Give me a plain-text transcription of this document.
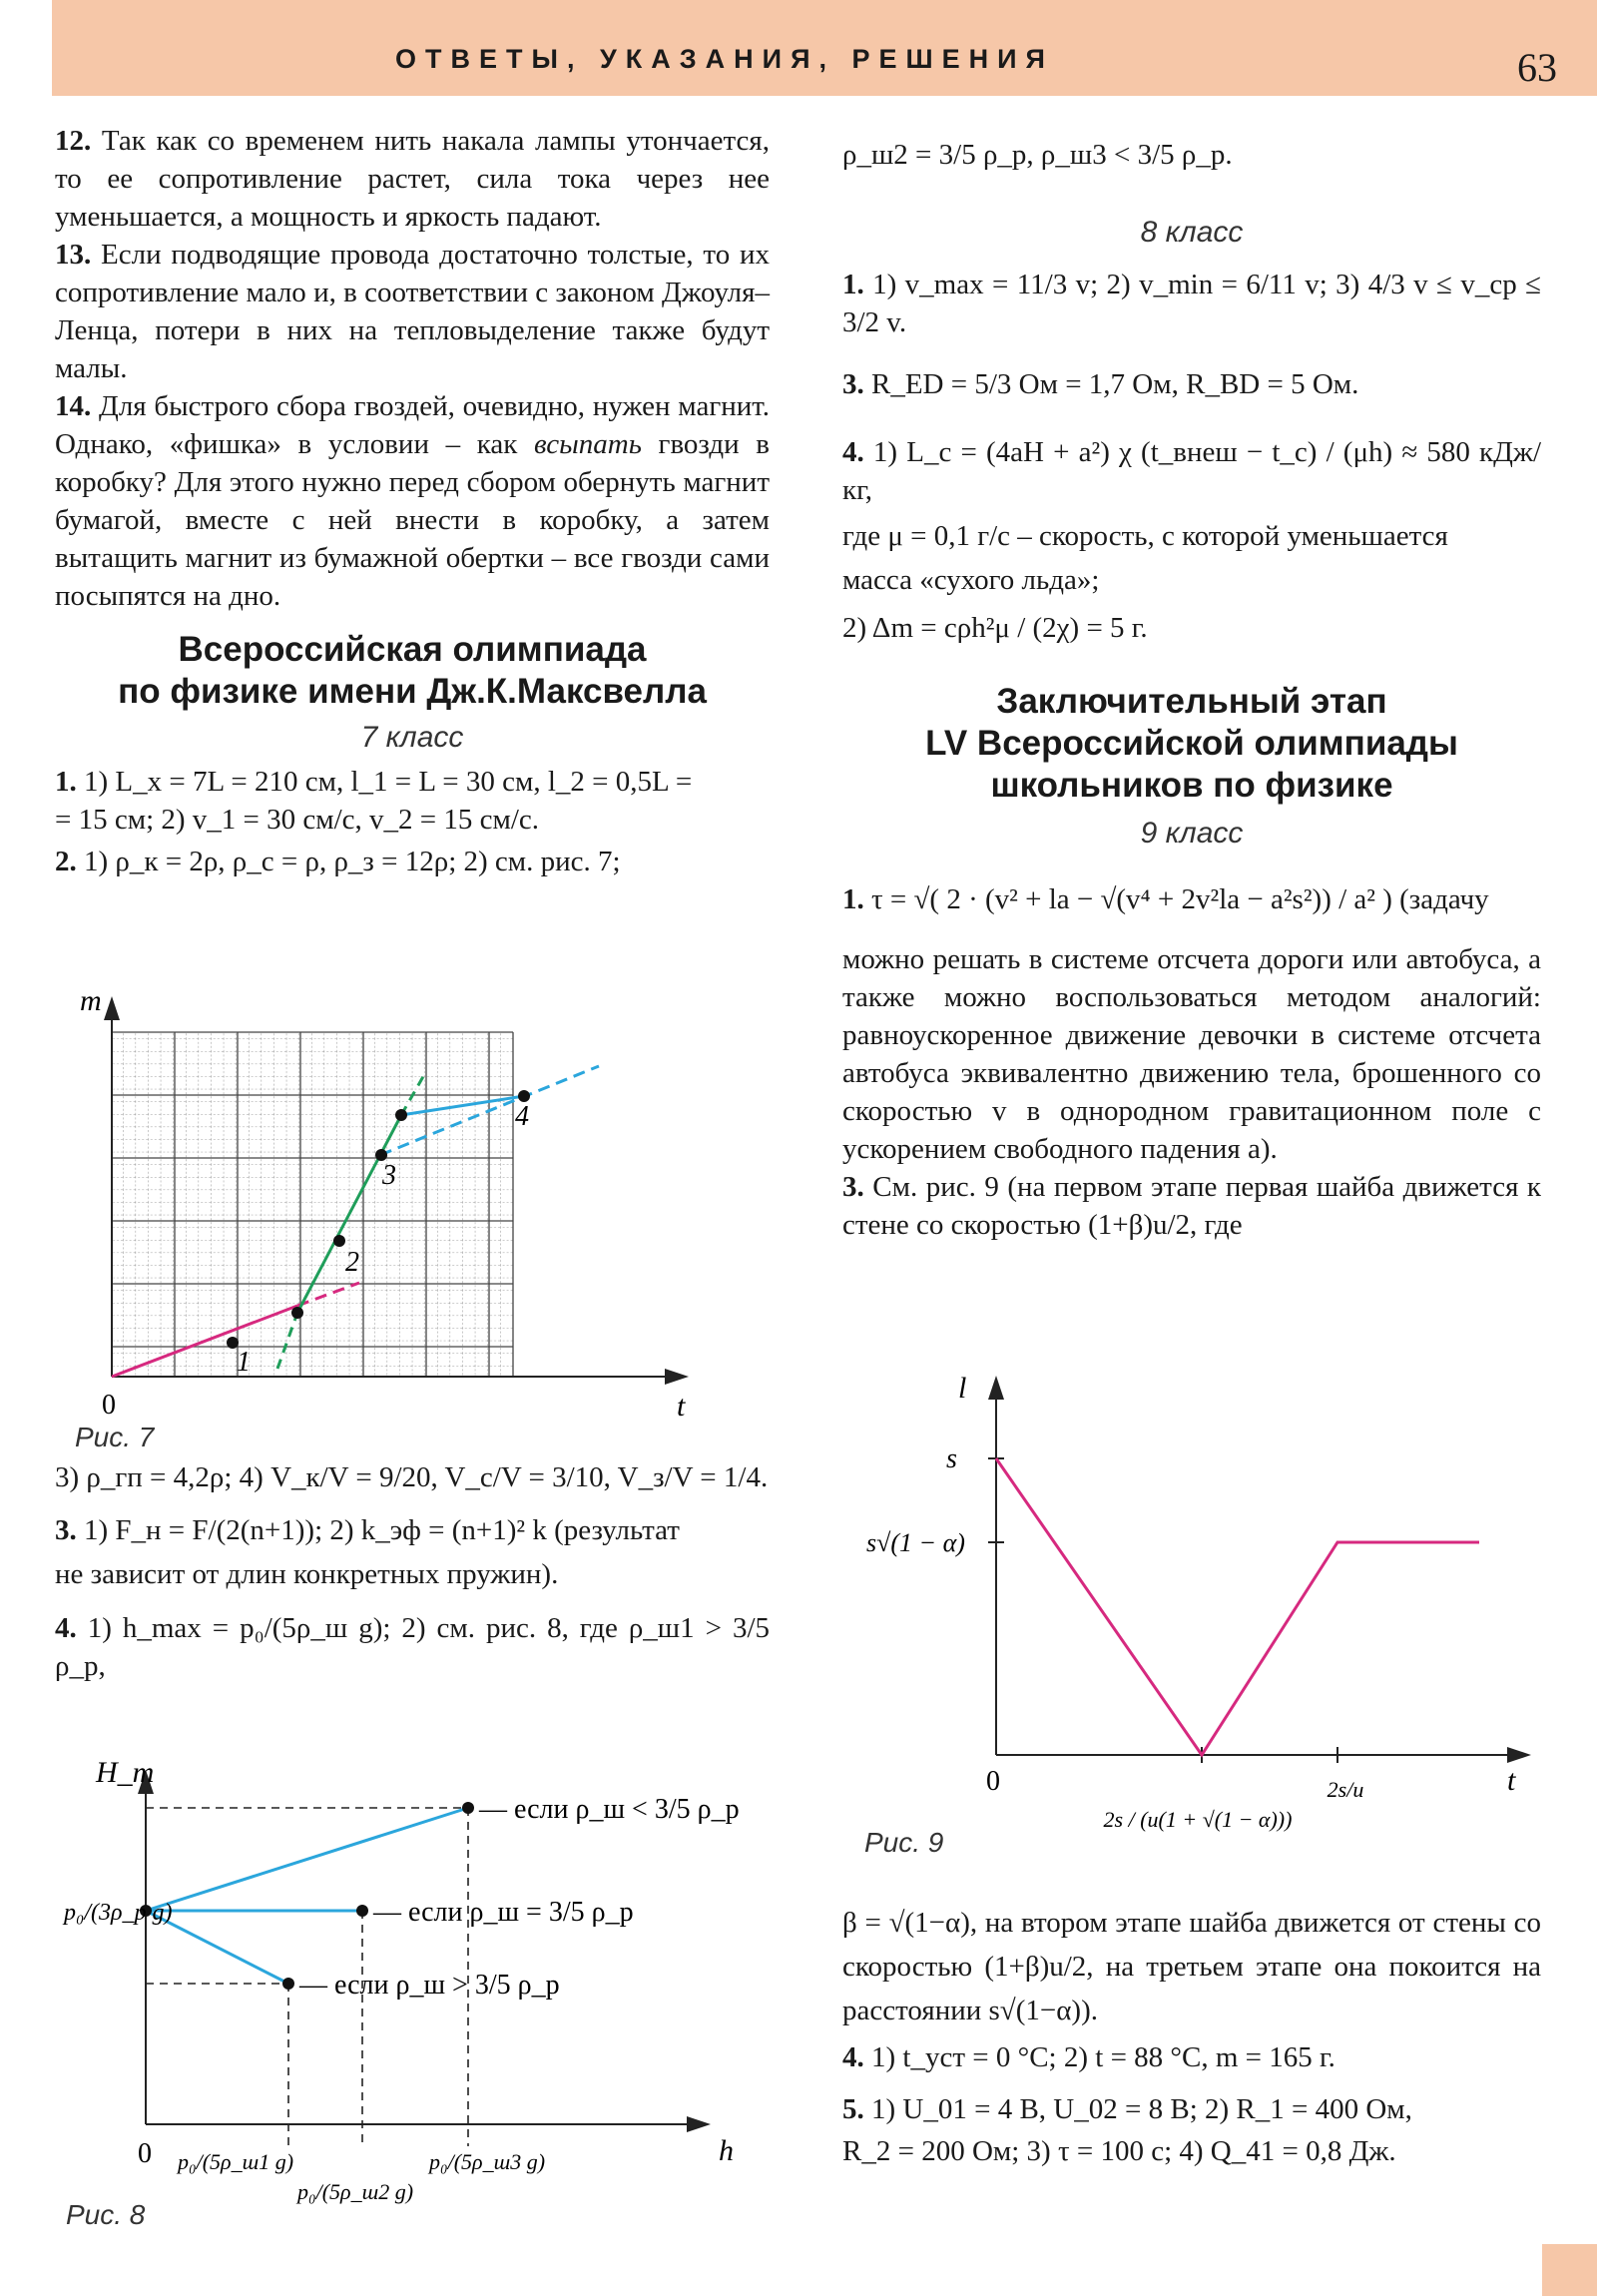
ОТВЕТЫ, УКАЗАНИЯ, РЕШЕНИЯ	63

12. Так как со временем нить накала лампы утончается, то ее сопротивление растет, сила тока через нее уменьшается, а мощность и яркость падают.

13. Если подводящие провода достаточно толстые, то их сопротивление мало и, в соответствии с законом Джоуля–Ленца, потери в них на тепловыделение также будут малы.

14. Для быстрого сбора гвоздей, очевидно, нужен магнит. Однако, «фишка» в условии – как всыпать гвозди в коробку? Для этого нужно перед сбором обернуть магнит бумагой, вместе с ней внести в коробку, а затем вытащить магнит из бумажной обертки – все гвозди сами посыпятся на дно.

Всероссийская олимпиада
по физике имени Дж.К.Максвелла
7 класс

1. 1) L_x = 7L = 210 см, l_1 = L = 30 см, l_2 = 0,5L =

= 15 см; 2) v_1 = 30 см/с, v_2 = 15 см/с.

2. 1) ρ_к = 2ρ, ρ_с = ρ, ρ_з = 12ρ; 2) см. рис. 7;

m
t
0
1
2
3
4
Рис. 7

3) ρ_гп = 4,2ρ; 4) V_к/V = 9/20, V_с/V = 3/10, V_з/V = 1/4.

3. 1) F_н = F/(2(n+1)); 2) k_эф = (n+1)² k (результат

не зависит от длин конкретных пружин).

4. 1) h_max = p₀/(5ρ_ш g); 2) см. рис. 8, где ρ_ш1 > 3/5 ρ_р,

H_m
h
0
p₀/(3ρ_р g)
p₀/(5ρ_ш1 g)
p₀/(5ρ_ш2 g)
p₀/(5ρ_ш3 g)
— если ρ_ш < 3/5 ρ_р
— если ρ_ш = 3/5 ρ_р
— если ρ_ш > 3/5 ρ_р
Рис. 8

ρ_ш2 = 3/5 ρ_р, ρ_ш3 < 3/5 ρ_р.

8 класс

1. 1) v_max = 11/3 v; 2) v_min = 6/11 v; 3) 4/3 v ≤ v_ср ≤ 3/2 v.

3. R_ED = 5/3 Ом = 1,7 Ом, R_BD = 5 Ом.

4. 1) L_c = (4aH + a²) χ (t_внеш − t_c) / (μh) ≈ 580 кДж/кг,

где μ = 0,1 г/с – скорость, с которой уменьшается

масса «сухого льда»;

2) Δm = cρh²μ / (2χ) = 5 г.

Заключительный этап
LV Всероссийской олимпиады
школьников по физике
9 класс

1. τ = √( 2 · (v² + la − √(v⁴ + 2v²la − a²s²)) / a² ) (задачу

можно решать в системе отсчета дороги или автобуса, а также можно воспользоваться методом аналогий: равноускоренное движение девочки в системе отсчета автобуса эквивалентно движению тела, брошенного со скоростью v в однородном гравитационном поле с ускорением свободного падения a).

3. См. рис. 9 (на первом этапе первая шайба движется к стене со скоростью (1+β)u/2, где

l
t
0
s
s√(1 − α)
2s / (u(1 + √(1 − α)))
2s/u
Рис. 9

β = √(1−α), на втором этапе шайба движется от стены со скоростью (1+β)u/2, на третьем этапе она покоится на расстоянии s√(1−α)).

4. 1) t_уст = 0 °C; 2) t = 88 °C, m = 165 г.

5. 1) U_01 = 4 В, U_02 = 8 В; 2) R_1 = 400 Ом,

R_2 = 200 Ом; 3) τ = 100 с; 4) Q_41 = 0,8 Дж.
